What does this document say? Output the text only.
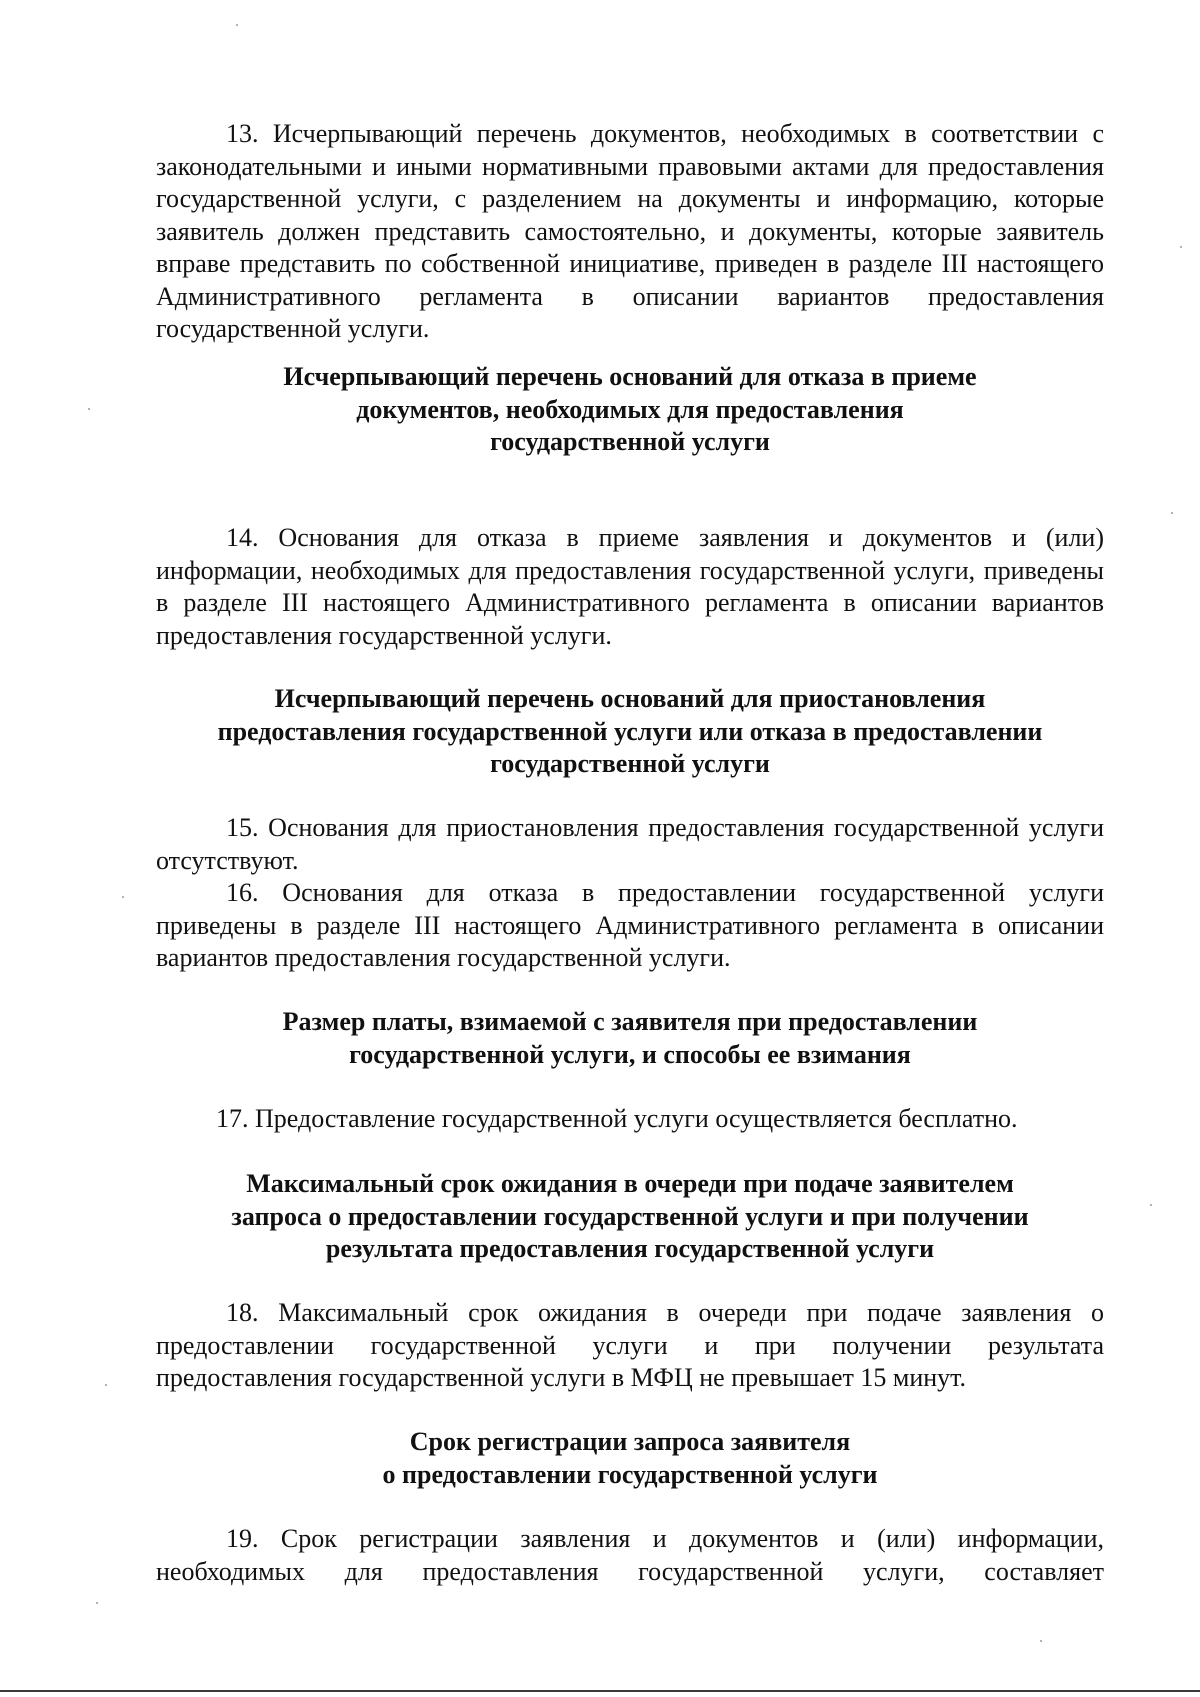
13. Исчерпывающий перечень документов, необходимых в соответствии с законодательными и иными нормативными правовыми актами для предоставления государственной услуги, с разделением на документы и информацию, которые заявитель должен представить самостоятельно, и документы, которые заявитель вправе представить по собственной инициативе, приведен в разделе III настоящего Административного регламента в описании вариантов предоставления государственной услуги.

Исчерпывающий перечень оснований для отказа в приеме
документов, необходимых для предоставления
государственной услуги

14. Основания для отказа в приеме заявления и документов и (или) информации, необходимых для предоставления государственной услуги, приведены в разделе III настоящего Административного регламента в описании вариантов предоставления государственной услуги.

Исчерпывающий перечень оснований для приостановления
предоставления государственной услуги или отказа в предоставлении
государственной услуги

15. Основания для приостановления предоставления государственной услуги отсутствуют.

16. Основания для отказа в предоставлении государственной услуги приведены в разделе III настоящего Административного регламента в описании вариантов предоставления государственной услуги.

Размер платы, взимаемой с заявителя при предоставлении
государственной услуги, и способы ее взимания

17. Предоставление государственной услуги осуществляется бесплатно.

Максимальный срок ожидания в очереди при подаче заявителем
запроса о предоставлении государственной услуги и при получении
результата предоставления государственной услуги

18. Максимальный срок ожидания в очереди при подаче заявления о предоставлении государственной услуги и при получении результата предоставления государственной услуги в МФЦ не превышает 15 минут.

Срок регистрации запроса заявителя
о предоставлении государственной услуги

19. Срок регистрации заявления и документов и (или) информации, необходимых для предоставления государственной услуги, составляет
